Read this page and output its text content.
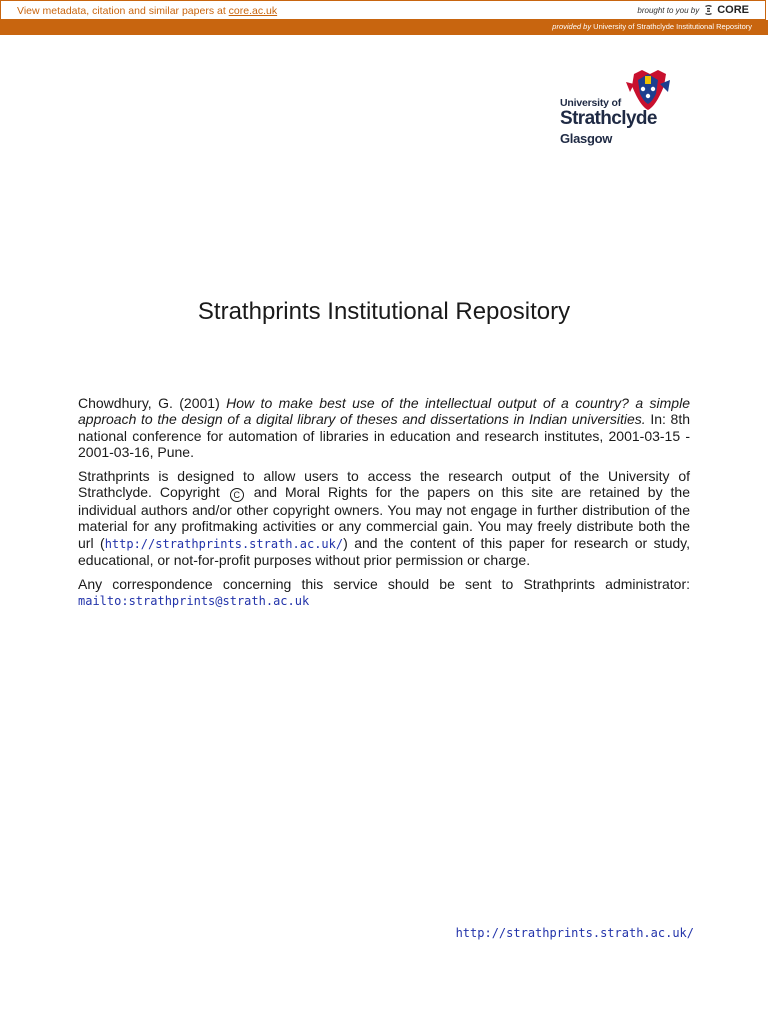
View metadata, citation and similar papers at core.ac.uk	brought to you by CORE
provided by University of Strathclyde Institutional Repository
University of
Strathclyde
Glasgow
Strathprints Institutional Repository

Chowdhury, G. (2001) How to make best use of the intellectual output of a country? a simple approach to the design of a digital library of theses and dissertations in Indian universities. In: 8th national conference for automation of libraries in education and research institutes, 2001-03-15 - 2001-03-16, Pune.

Strathprints is designed to allow users to access the research output of the University of Strathclyde. Copyright C and Moral Rights for the papers on this site are retained by the individual authors and/or other copyright owners. You may not engage in further distribution of the material for any profitmaking activities or any commercial gain. You may freely distribute both the url (http://strathprints.strath.ac.uk/) and the content of this paper for research or study, educational, or not-for-profit purposes without prior permission or charge.

Any correspondence concerning this service should be sent to Strathprints administrator: mailto:strathprints@strath.ac.uk

http://strathprints.strath.ac.uk/
